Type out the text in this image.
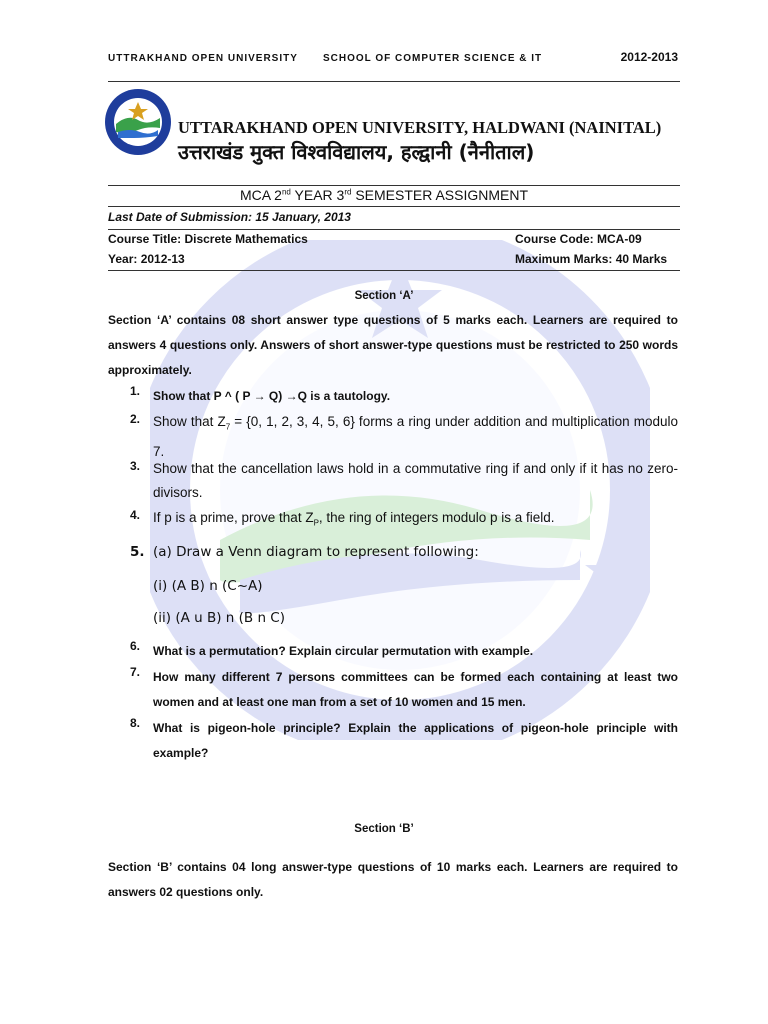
UTTRAKHAND OPEN UNIVERSITY	SCHOOL OF COMPUTER SCIENCE & IT	2012-2013
UTTARAKHAND OPEN UNIVERSITY, HALDWANI (NAINITAL)
उत्तराखंड मुक्त विश्वविद्यालय, हल्द्वानी (नैनीताल)
MCA 2nd YEAR 3rd SEMESTER ASSIGNMENT
Last Date of Submission: 15 January, 2013
Course Title: Discrete Mathematics	Course Code: MCA-09
Year: 2012-13	Maximum Marks: 40 Marks
Section ‘A’
Section ‘A’ contains 08 short answer type questions of 5 marks each. Learners are required to answers 4 questions only. Answers of short answer-type questions must be restricted to 250 words approximately.
1.	Show that P ^ ( P → Q) →Q is a tautology.
2. Show that $Z_7 = \{0$, 1, 2, 3, 4, 5, 6} forms a ring under addition and multiplication modulo 7.
3. Show that the cancellation laws hold in a commutative ring if and only if it has no zero-divisors.
4. If p is a prime, prove that $Z_P$, the ring of integers modulo p is a field.
5. (a) Draw a Venn diagram to represent following:
(i) (A B) n (C~A)
(ii) (A u B) n (B n C)
6.	What is a permutation? Explain circular permutation with example.
7.	How many different 7 persons committees can be formed each containing at least two women and at least one man from a set of 10 women and 15 men.
8.	What is pigeon-hole principle? Explain the applications of pigeon-hole principle with example?
Section ‘B’
Section ‘B’ contains 04 long answer-type questions of 10 marks each. Learners are required to answers 02 questions only.
